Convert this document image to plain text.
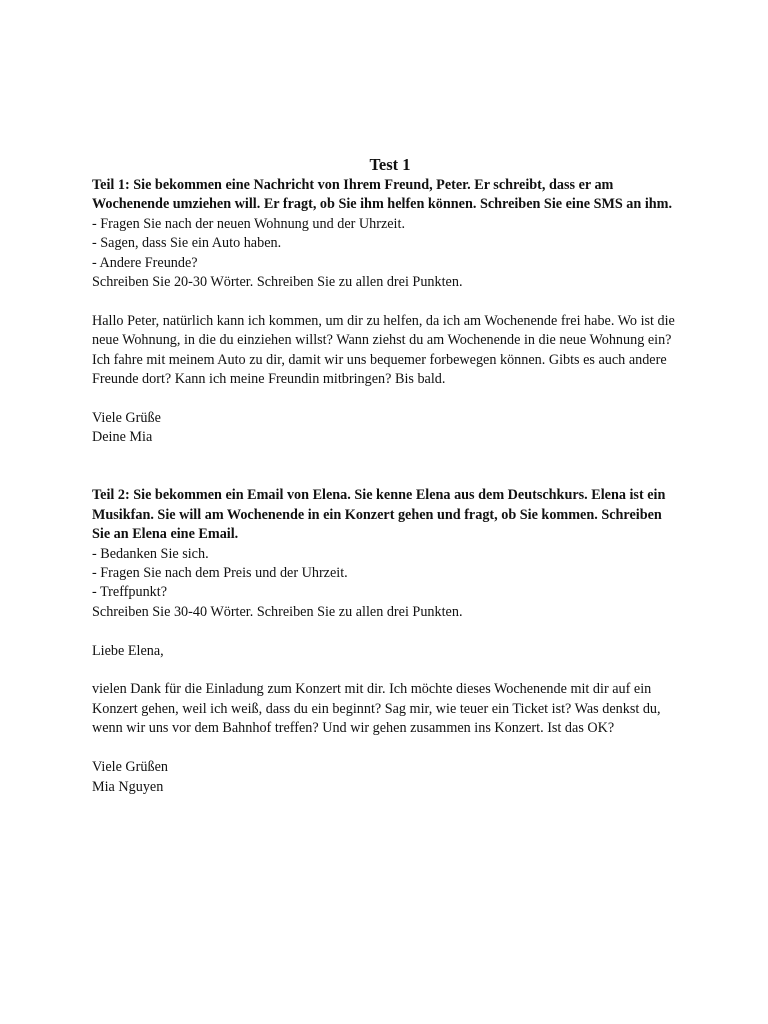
Test 1
Teil 1: Sie bekommen eine Nachricht von Ihrem Freund, Peter. Er schreibt, dass er am Wochenende umziehen will. Er fragt, ob Sie ihm helfen können. Schreiben Sie eine SMS an ihm.
- Fragen Sie nach der neuen Wohnung und der Uhrzeit.
- Sagen, dass Sie ein Auto haben.
- Andere Freunde?
Schreiben Sie 20-30 Wörter. Schreiben Sie zu allen drei Punkten.
Hallo Peter, natürlich kann ich kommen, um dir zu helfen, da ich am Wochenende frei habe. Wo ist die neue Wohnung, in die du einziehen willst? Wann ziehst du am Wochenende in die neue Wohnung ein? Ich fahre mit meinem Auto zu dir, damit wir uns bequemer forbewegen können. Gibts es auch andere Freunde dort? Kann ich meine Freundin mitbringen? Bis bald.
Viele Grüße
Deine Mia
Teil 2: Sie bekommen ein Email von Elena. Sie kenne Elena aus dem Deutschkurs. Elena ist ein Musikfan. Sie will am Wochenende in ein Konzert gehen und fragt, ob Sie kommen. Schreiben Sie an Elena eine Email.
- Bedanken Sie sich.
- Fragen Sie nach dem Preis und der Uhrzeit.
- Treffpunkt?
Schreiben Sie 30-40 Wörter. Schreiben Sie zu allen drei Punkten.
Liebe Elena,
vielen Dank für die Einladung zum Konzert mit dir. Ich möchte dieses Wochenende mit dir auf ein Konzert gehen, weil ich weiß, dass du ein beginnt? Sag mir, wie teuer ein Ticket ist? Was denkst du, wenn wir uns vor dem Bahnhof treffen? Und wir gehen zusammen ins Konzert. Ist das OK?
Viele Grüßen
Mia Nguyen
